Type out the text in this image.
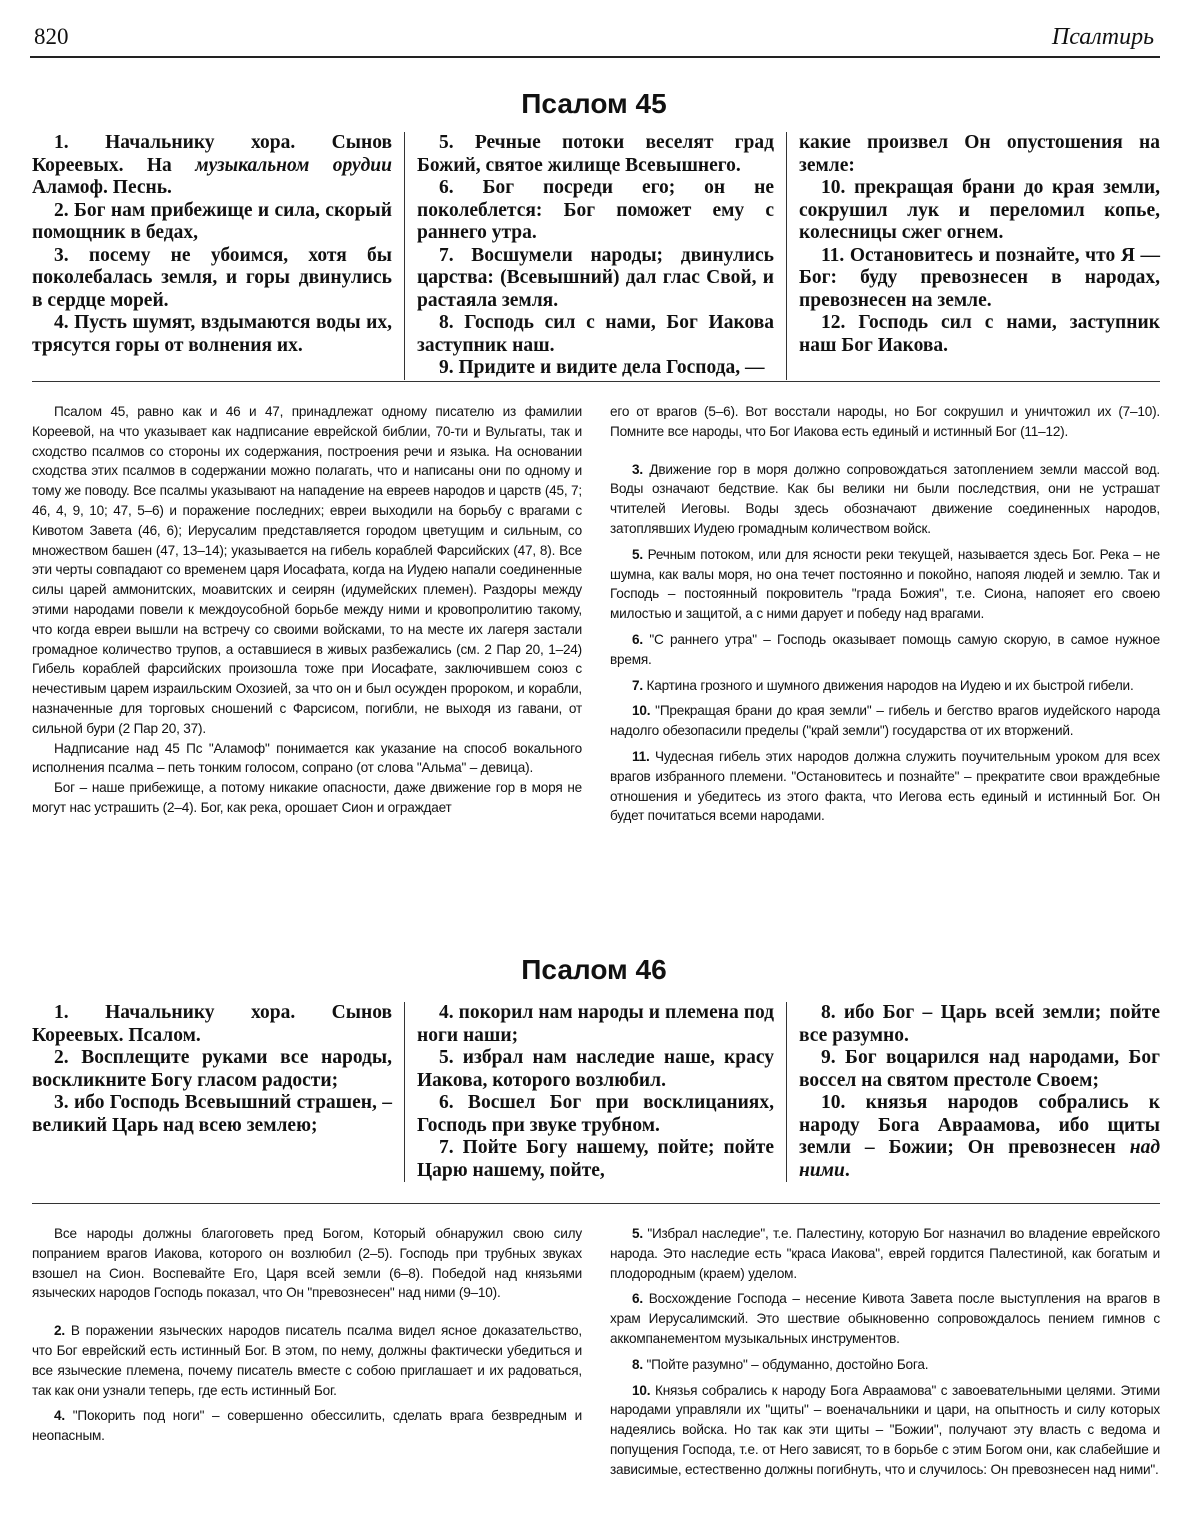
820	Псалтирь
Псалом 45

1. Начальнику хора. Сынов Кореевых. На музыкальном орудии Аламоф. Песнь.

2. Бог нам прибежище и сила, скорый помощник в бедах,

3. посему не убоимся, хотя бы поколебалась земля, и горы двинулись в сердце морей.

4. Пусть шумят, вздымаются воды их, трясутся горы от волнения их.

5. Речные потоки веселят град Божий, святое жилище Всевышнего.

6. Бог посреди его; он не поколеблется: Бог поможет ему с раннего утра.

7. Восшумели народы; двинулись царства: (Всевышний) дал глас Свой, и растаяла земля.

8. Господь сил с нами, Бог Иакова заступник наш.

9. Придите и видите дела Господа, —

какие произвел Он опустошения на земле:

10. прекращая брани до края земли, сокрушил лук и переломил копье, колесницы сжег огнем.

11. Остановитесь и познайте, что Я — Бог: буду превознесен в народах, превознесен на земле.

12. Господь сил с нами, заступник наш Бог Иакова.

Псалом 45, равно как и 46 и 47, принадлежат одному писателю из фамилии Кореевой, на что указывает как надписание еврейской библии, 70-ти и Вульгаты, так и сходство псалмов со стороны их содержания, построения речи и языка. На основании сходства этих псалмов в содержании можно полагать, что и написаны они по одному и тому же поводу. Все псалмы указывают на нападение на евреев народов и царств (45, 7; 46, 4, 9, 10; 47, 5–6) и поражение последних; евреи выходили на борьбу с врагами с Кивотом Завета (46, 6); Иерусалим представляется городом цветущим и сильным, со множеством башен (47, 13–14); указывается на гибель кораблей Фарсийских (47, 8). Все эти черты совпадают со временем царя Иосафата, когда на Иудею напали соединенные силы царей аммонитских, моавитских и сеирян (идумейских племен). Раздоры между этими народами повели к междоусобной борьбе между ними и кровопролитию такому, что когда евреи вышли на встречу со своими войсками, то на месте их лагеря застали громадное количество трупов, а оставшиеся в живых разбежались (см. 2 Пар 20, 1–24) Гибель кораблей фарсийских произошла тоже при Иосафате, заключившем союз с нечестивым царем израильским Охозией, за что он и был осужден пророком, и корабли, назначенные для торговых сношений с Фарсисом, погибли, не выходя из гавани, от сильной бури (2 Пар 20, 37).

Надписание над 45 Пс "Аламоф" понимается как указание на способ вокального исполнения псалма – петь тонким голосом, сопрано (от слова "Альма" – девица).

Бог – наше прибежище, а потому никакие опасности, даже движение гор в моря не могут нас устрашить (2–4). Бог, как река, орошает Сион и ограждает

его от врагов (5–6). Вот восстали народы, но Бог сокрушил и уничтожил их (7–10). Помните все народы, что Бог Иакова есть единый и истинный Бог (11–12).

3. Движение гор в моря должно сопровождаться затоплением земли массой вод. Воды означают бедствие. Как бы велики ни были последствия, они не устрашат чтителей Иеговы. Воды здесь обозначают движение соединенных народов, затоплявших Иудею громадным количеством войск.

5. Речным потоком, или для ясности реки текущей, называется здесь Бог. Река – не шумна, как валы моря, но она течет постоянно и покойно, напояя людей и землю. Так и Господь – постоянный покровитель "града Божия", т.е. Сиона, напояет его своею милостью и защитой, а с ними дарует и победу над врагами.

6. "С раннего утра" – Господь оказывает помощь самую скорую, в самое нужное время.

7. Картина грозного и шумного движения народов на Иудею и их быстрой гибели.

10. "Прекращая брани до края земли" – гибель и бегство врагов иудейского народа надолго обезопасили пределы ("край земли") государства от их вторжений.

11. Чудесная гибель этих народов должна служить поучительным уроком для всех врагов избранного племени. "Остановитесь и познайте" – прекратите свои враждебные отношения и убедитесь из этого факта, что Иегова есть единый и истинный Бог. Он будет почитаться всеми народами.

Псалом 46

1. Начальнику хора. Сынов Кореевых. Псалом.

2. Восплещите руками все народы, воскликните Богу гласом радости;

3. ибо Господь Всевышний страшен, – великий Царь над всею землею;

4. покорил нам народы и племена под ноги наши;

5. избрал нам наследие наше, красу Иакова, которого возлюбил.

6. Восшел Бог при восклицаниях, Господь при звуке трубном.

7. Пойте Богу нашему, пойте; пойте Царю нашему, пойте,

8. ибо Бог – Царь всей земли; пойте все разумно.

9. Бог воцарился над народами, Бог воссел на святом престоле Своем;

10. князья народов собрались к народу Бога Авраамова, ибо щиты земли – Божии; Он превознесен над ними.

Все народы должны благоговеть пред Богом, Который обнаружил свою силу попранием врагов Иакова, которого он возлюбил (2–5). Господь при трубных звуках взошел на Сион. Воспевайте Его, Царя всей земли (6–8). Победой над князьями языческих народов Господь показал, что Он "превознесен" над ними (9–10).

2. В поражении языческих народов писатель псалма видел ясное доказательство, что Бог еврейский есть истинный Бог. В этом, по нему, должны фактически убедиться и все языческие племена, почему писатель вместе с собою приглашает и их радоваться, так как они узнали теперь, где есть истинный Бог.

4. "Покорить под ноги" – совершенно обессилить, сделать врага безвредным и неопасным.

5. "Избрал наследие", т.е. Палестину, которую Бог назначил во владение еврейского народа. Это наследие есть "краса Иакова", еврей гордится Палестиной, как богатым и плодородным (краем) уделом.

6. Восхождение Господа – несение Кивота Завета после выступления на врагов в храм Иерусалимский. Это шествие обыкновенно сопровождалось пением гимнов с аккомпанементом музыкальных инструментов.

8. "Пойте разумно" – обдуманно, достойно Бога.

10. Князья собрались к народу Бога Авраамова" с завоевательными целями. Этими народами управляли их "щиты" – военачальники и цари, на опытность и силу которых надеялись войска. Но так как эти щиты – "Божии", получают эту власть с ведома и попущения Господа, т.е. от Него зависят, то в борьбе с этим Богом они, как слабейшие и зависимые, естественно должны погибнуть, что и случилось: Он превознесен над ними".
